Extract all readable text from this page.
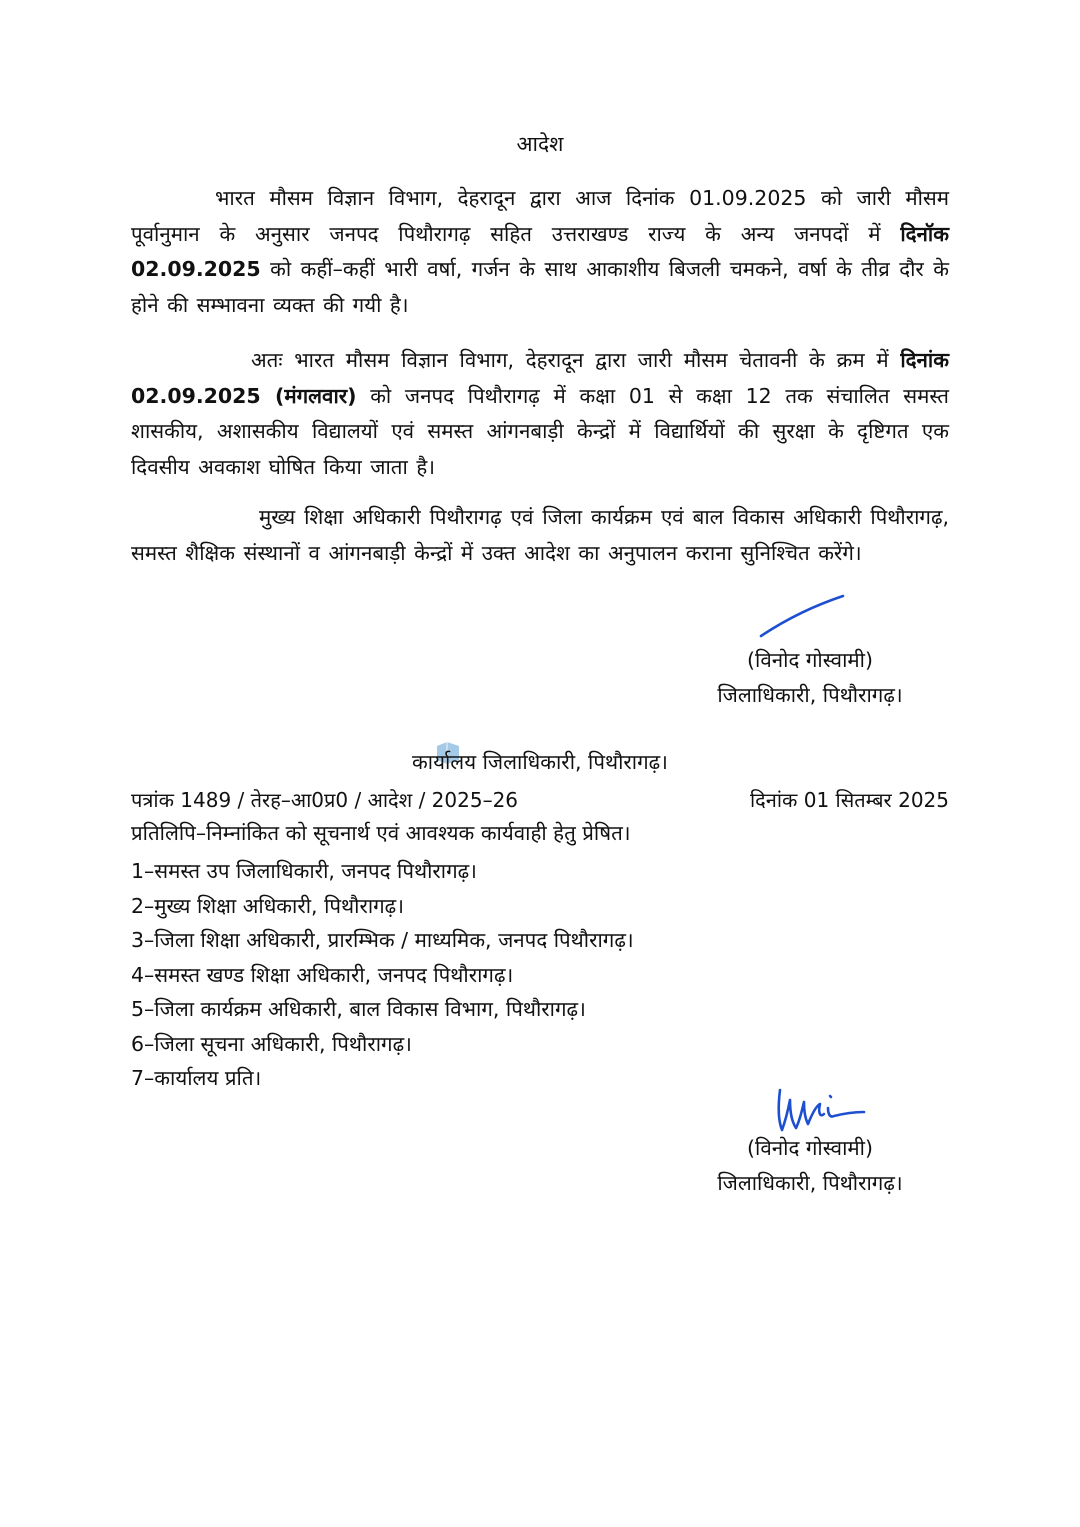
आदेश
भारत मौसम विज्ञान विभाग, देहरादून द्वारा आज दिनांक 01.09.2025 को जारी मौसम पूर्वानुमान के अनुसार जनपद पिथौरागढ़ सहित उत्तराखण्ड राज्य के अन्य जनपदों में दिनॉक 02.09.2025 को कहीं–कहीं भारी वर्षा, गर्जन के साथ आकाशीय बिजली चमकने, वर्षा के तीव्र दौर के होने की सम्भावना व्यक्त की गयी है।
अतः भारत मौसम विज्ञान विभाग, देहरादून द्वारा जारी मौसम चेतावनी के क्रम में दिनांक 02.09.2025 (मंगलवार) को जनपद पिथौरागढ़ में कक्षा 01 से कक्षा 12 तक संचालित समस्त शासकीय, अशासकीय विद्यालयों एवं समस्त आंगनबाड़ी केन्द्रों में विद्यार्थियों की सुरक्षा के दृष्टिगत एक दिवसीय अवकाश घोषित किया जाता है।
मुख्य शिक्षा अधिकारी पिथौरागढ़ एवं जिला कार्यक्रम एवं बाल विकास अधिकारी पिथौरागढ़, समस्त शैक्षिक संस्थानों व आंगनबाड़ी केन्द्रों में उक्त आदेश का अनुपालन कराना सुनिश्चित करेंगे।
(विनोद गोस्वामी)
जिलाधिकारी, पिथौरागढ़।
कार्यालय जिलाधिकारी, पिथौरागढ़।
पत्रांक 1489 / तेरह–आ0प्र0 / आदेश / 2025–26	दिनांक 01 सितम्बर 2025
प्रतिलिपि–निम्नांकित को सूचनार्थ एवं आवश्यक कार्यवाही हेतु प्रेषित।
1–समस्त उप जिलाधिकारी, जनपद पिथौरागढ़।
2–मुख्य शिक्षा अधिकारी, पिथौरागढ़।
3–जिला शिक्षा अधिकारी, प्रारम्भिक / माध्यमिक, जनपद पिथौरागढ़।
4–समस्त खण्ड शिक्षा अधिकारी, जनपद पिथौरागढ़।
5–जिला कार्यक्रम अधिकारी, बाल विकास विभाग, पिथौरागढ़।
6–जिला सूचना अधिकारी, पिथौरागढ़।
7–कार्यालय प्रति।
(विनोद गोस्वामी)
जिलाधिकारी, पिथौरागढ़।
